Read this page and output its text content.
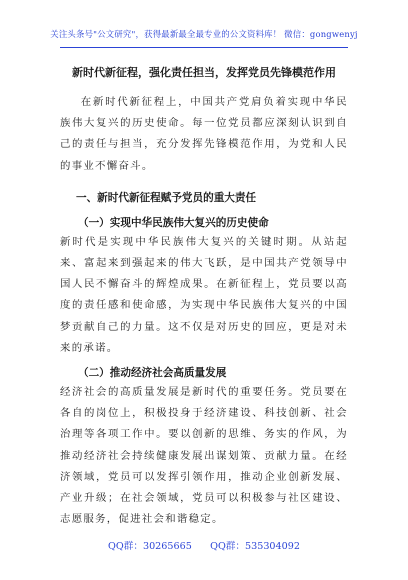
关注头条号"公文研究"，获得最新最全最专业的公文资料库！ 微信：gongwenyj
新时代新征程，强化责任担当，发挥党员先锋模范作用

在新时代新征程上，中国共产党肩负着实现中华民族伟大复兴的历史使命。每一位党员都应深刻认识到自己的责任与担当，充分发挥先锋模范作用，为党和人民的事业不懈奋斗。

一、新时代新征程赋予党员的重大责任
（一）实现中华民族伟大复兴的历史使命

新时代是实现中华民族伟大复兴的关键时期。从站起来、富起来到强起来的伟大飞跃，是中国共产党领导中国人民不懈奋斗的辉煌成果。在新征程上，党员要以高度的责任感和使命感，为实现中华民族伟大复兴的中国梦贡献自己的力量。这不仅是对历史的回应，更是对未来的承诺。

（二）推动经济社会高质量发展

经济社会的高质量发展是新时代的重要任务。党员要在各自的岗位上，积极投身于经济建设、科技创新、社会治理等各项工作中。要以创新的思维、务实的作风，为推动经济社会持续健康发展出谋划策、贡献力量。在经济领域，党员可以发挥引领作用，推动企业创新发展、产业升级；在社会领域，党员可以积极参与社区建设、志愿服务，促进社会和谐稳定。

QQ群：30265665      QQ群：535304092
